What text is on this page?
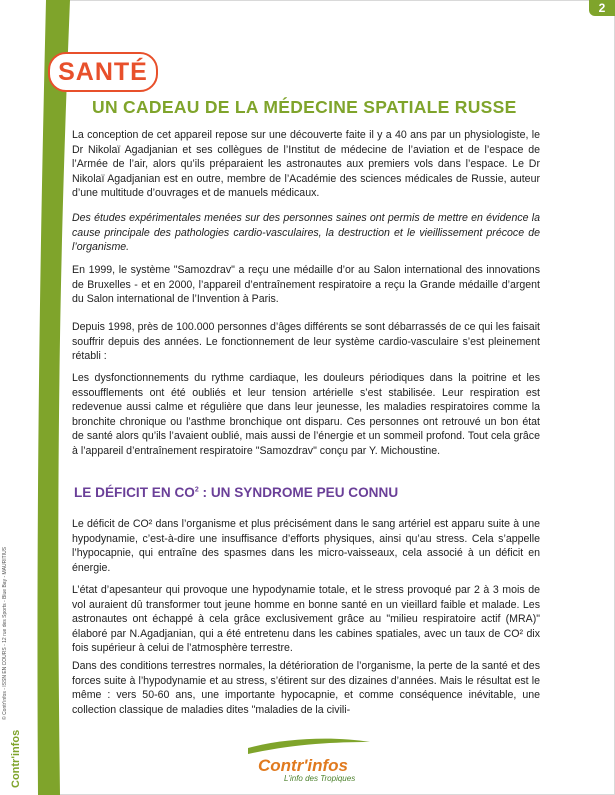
2
SANTÉ
UN CADEAU DE LA MÉDECINE SPATIALE RUSSE

La conception de cet appareil repose sur une découverte faite il y a 40 ans par un physiologiste, le Dr Nikolaï Agadjanian et ses collègues de l’Institut de médecine de l’aviation et de l’espace de l’Armée de l’air, alors qu’ils préparaient les astronautes aux premiers vols dans l’espace. Le Dr Nikolaï Agadjanian est en outre, membre de l’Académie des sciences médicales de Russie, auteur d’une multitude d’ouvrages et de manuels médicaux.

Des études expérimentales menées sur des personnes saines ont permis de mettre en évidence la cause principale des pathologies cardio-vasculaires, la destruction et le vieillissement précoce de l’organisme.

En 1999, le système "Samozdrav" a reçu une médaille d’or au Salon international des innovations de Bruxelles - et en 2000, l’appareil d’entraînement respiratoire a reçu la Grande médaille d’argent du Salon international de l’Invention à Paris.

Depuis 1998, près de 100.000 personnes d’âges différents se sont débarrassés de ce qui les faisait souffrir depuis des années. Le fonctionnement de leur système cardio-vasculaire s’est pleinement rétabli :

Les dysfonctionnements du rythme cardiaque, les douleurs périodiques dans la poitrine et les essoufflements ont été oubliés et leur tension artérielle s’est stabilisée. Leur respiration est redevenue aussi calme et régulière que dans leur jeunesse, les maladies respiratoires comme la bronchite chronique ou l’asthme bronchique ont disparu. Ces personnes ont retrouvé un bon état de santé alors qu’ils l’avaient oublié, mais aussi de l’énergie et un sommeil profond. Tout cela grâce à l’appareil d’entraînement respiratoire "Samozdrav" conçu par Y. Michoustine.

LE DÉFICIT EN $CO^2$ : UN SYNDROME PEU CONNU

Le déficit de CO² dans l’organisme et plus précisément dans le sang artériel est apparu suite à une hypodynamie, c’est-à-dire une insuffisance d’efforts physiques, ainsi qu’au stress. Cela s’appelle l’hypocapnie, qui entraîne des spasmes dans les micro-vaisseaux, cela associé à un déficit en énergie.

L’état d’apesanteur qui provoque une hypodynamie totale, et le stress provoqué par 2 à 3 mois de vol auraient dû transformer tout jeune homme en bonne santé en un vieillard faible et malade. Les astronautes ont échappé à cela grâce exclusivement grâce au "milieu respiratoire actif (MRA)" élaboré par N.Agadjanian, qui a été entretenu dans les cabines spatiales, avec un taux de CO² dix fois supérieur à celui de l’atmosphère terrestre.

Dans des conditions terrestres normales, la détérioration de l’organisme, la perte de la santé et des forces suite à l’hypodynamie et au stress, s’étirent sur des dizaines d’années. Mais le résultat est le même : vers 50-60 ans, une importante hypocapnie, et comme conséquence inévitable, une collection classique de maladies dites "maladies de la civili-

© Contr'infos - ISSN EN COURS - 12 rue des Sports - Blue Bay - MAURITIUS
Contr'infos	Contr'infos
L'info des Tropiques
